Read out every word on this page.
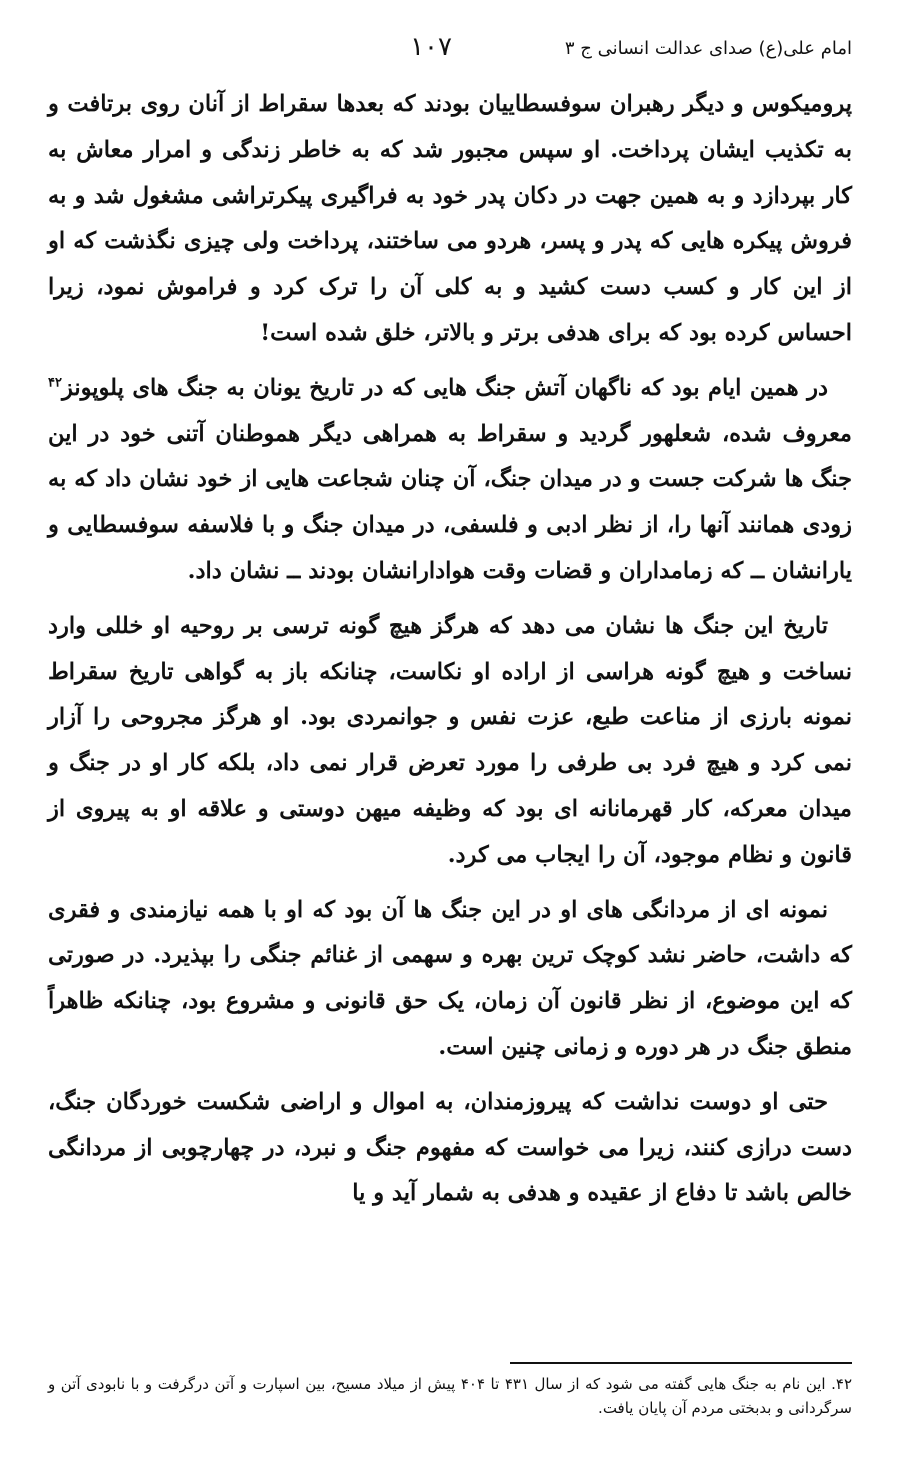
امام علی(ع) صدای عدالت انسانی ج ۳
۱۰۷

پرومیکوس و دیگر رهبران سوفسطاییان بودند که بعدها سقراط از آنان روی برتافت و به تکذیب ایشان پرداخت. او سپس مجبور شد که به خاطر زندگی و امرار معاش به کار بپردازد و به همین جهت در دکان پدر خود به فراگیری پیکرتراشی مشغول شد و به فروش پیکره هایی که پدر و پسر، هردو می ساختند، پرداخت ولی چیزی نگذشت که او از این کار و کسب دست کشید و به کلی آن را ترک کرد و فراموش نمود، زیرا احساس کرده بود که برای هدفی برتر و بالاتر، خلق شده است!

در همین ایام بود که ناگهان آتش جنگ هایی که در تاریخ یونان به جنگ های پلوپونز$^{۴۲}$ معروف شده، شعلهور گردید و سقراط به همراهی دیگر هموطنان آتنی خود در این جنگ ها شرکت جست و در میدان جنگ، آن چنان شجاعت هایی از خود نشان داد که به زودی همانند آنها را، از نظر ادبی و فلسفی، در میدان جنگ و با فلاسفه سوفسطایی و یارانشان ــ که زمامداران و قضات وقت هوادارانشان بودند ــ نشان داد.

تاریخ این جنگ ها نشان می دهد که هرگز هیچ گونه ترسی بر روحیه او خللی وارد نساخت و هیچ گونه هراسی از اراده او نکاست، چنانکه باز به گواهی تاریخ سقراط نمونه بارزی از مناعت طبع، عزت نفس و جوانمردی بود. او هرگز مجروحی را آزار نمی کرد و هیچ فرد بی طرفی را مورد تعرض قرار نمی داد، بلکه کار او در جنگ و میدان معرکه، کار قهرمانانه ای بود که وظیفه میهن دوستی و علاقه او به پیروی از قانون و نظام موجود، آن را ایجاب می کرد.

نمونه ای از مردانگی های او در این جنگ ها آن بود که او با همه نیازمندی و فقری که داشت، حاضر نشد کوچک ترین بهره و سهمی از غنائم جنگی را بپذیرد. در صورتی که این موضوع، از نظر قانون آن زمان، یک حق قانونی و مشروع بود، چنانکه ظاهراً منطق جنگ در هر دوره و زمانی چنین است.

حتی او دوست نداشت که پیروزمندان، به اموال و اراضی شکست خوردگان جنگ، دست درازی کنند، زیرا می خواست که مفهوم جنگ و نبرد، در چهارچوبی از مردانگی خالص باشد تا دفاع از عقیده و هدفی به شمار آید و یا

۴۲. این نام به جنگ هایی گفته می شود که از سال ۴۳۱ تا ۴۰۴ پیش از میلاد مسیح، بین اسپارت و آتن درگرفت و با نابودی آتن و سرگردانی و بدبختی مردم آن پایان یافت.
